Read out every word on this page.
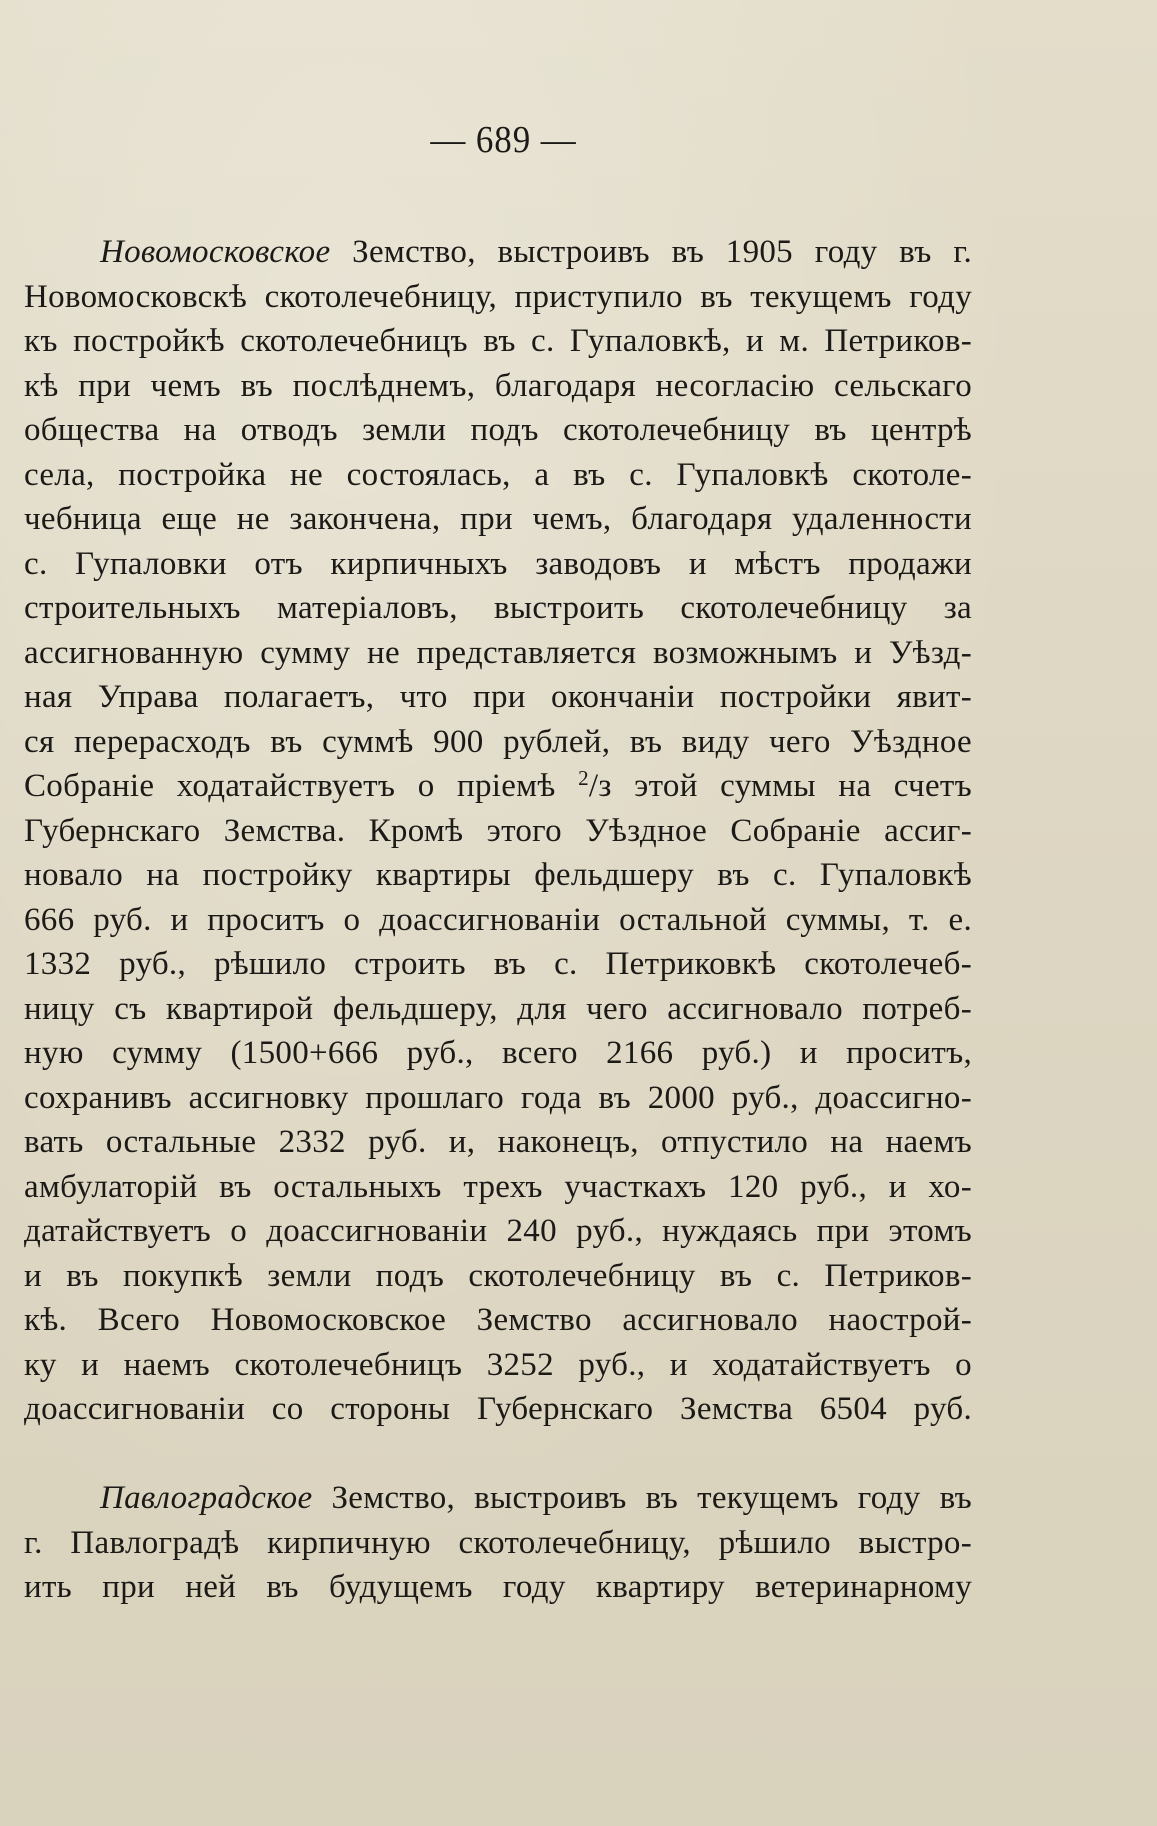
— 689 —
Новомосковское Земство, выстроивъ въ 1905 году въ г.
Новомосковскѣ скотолечебницу, приступило въ текущемъ году
къ постройкѣ скотолечебницъ въ с. Гупаловкѣ, и м. Петриков-
кѣ при чемъ въ послѣднемъ, благодаря несогласію сельскаго
общества на отводъ земли подъ скотолечебницу въ центрѣ
села, постройка не состоялась, а въ с. Гупаловкѣ скотоле-
чебница еще не закончена, при чемъ, благодаря удаленности
с. Гупаловки отъ кирпичныхъ заводовъ и мѣстъ продажи
строительныхъ матеріаловъ, выстроить скотолечебницу за
ассигнованную сумму не представляется возможнымъ и Уѣзд-
ная Управа полагаетъ, что при окончаніи постройки явит-
ся перерасходъ въ суммѣ 900 рублей, въ виду чего Уѣздное
Собраніе ходатайствуетъ о пріемѣ $^2$/з этой суммы на счетъ
Губернскаго Земства. Кромѣ этого Уѣздное Собраніе ассиг-
новало на постройку квартиры фельдшеру въ с. Гупаловкѣ
666 руб. и проситъ о доассигнованіи остальной суммы, т. е.
1332 руб., рѣшило строить въ с. Петриковкѣ скотолечеб-
ницу съ квартирой фельдшеру, для чего ассигновало потреб-
ную сумму (1500+666 руб., всего 2166 руб.) и проситъ,
сохранивъ ассигновку прошлаго года въ 2000 руб., доассигно-
вать остальные 2332 руб. и, наконецъ, отпустило на наемъ
амбулаторій въ остальныхъ трехъ участкахъ 120 руб., и хо-
датайствуетъ о доассигнованіи 240 руб., нуждаясь при этомъ
и въ покупкѣ земли подъ скотолечебницу въ с. Петриков-
кѣ. Всего Новомосковское Земство ассигновало наострой-
ку и наемъ скотолечебницъ 3252 руб., и ходатайствуетъ о
доассигнованіи со стороны Губернскаго Земства 6504 руб.
Павлоградское Земство, выстроивъ въ текущемъ году въ
г. Павлоградѣ кирпичную скотолечебницу, рѣшило выстро-
ить при ней въ будущемъ году квартиру ветеринарному
